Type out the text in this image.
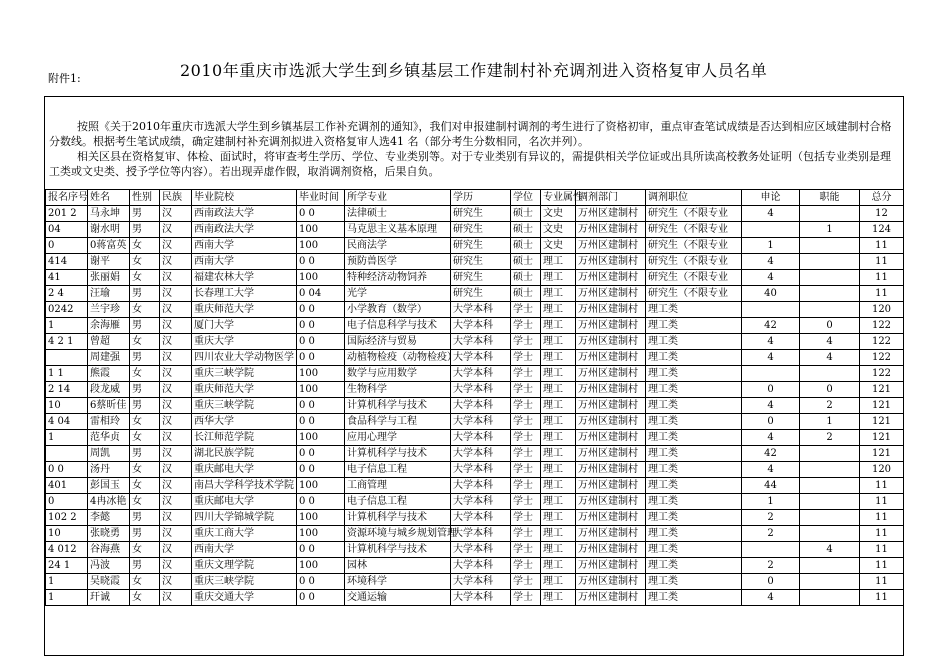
附件1:	2010年重庆市选派大学生到乡镇基层工作建制村补充调剂进入资格复审人员名单

按照《关于2010年重庆市选派大学生到乡镇基层工作补充调剂的通知》，我们对申报建制村调剂的考生进行了资格初审，重点审查笔试成绩是否达到相应区域建制村合格分数线。根据考生笔试成绩，确定建制村补充调剂拟进入资格复审人选41 名（部分考生分数相同，名次并列）。

相关区县在资格复审、体检、面试时，将审查考生学历、学位、专业类别等。对于专业类别有异议的，需提供相关学位证或出具所读高校教务处证明（包括专业类别是理工类或文史类、授予学位等内容）。若出现弄虚作假，取消调剂资格，后果自负。

报名序号	姓名	性别	民族	毕业院校	毕业时间	所学专业	学历	学位	专业属性	调剂部门	调剂职位	申论	职能	总分
201 2	马永坤	男	汉	西南政法大学	0 0	法律硕士	研究生	硕士	文史	万州区建制村	研究生（不限专业	4		12
04	谢水明	男	汉	西南政法大学	100	马克思主义基本原理	研究生	硕士	文史	万州区建制村	研究生（不限专业		1	124
0	0蒋富英	女	汉	西南大学	100	民商法学	研究生	硕士	文史	万州区建制村	研究生（不限专业	1		11
414	谢平	女	汉	西南大学	0 0	预防兽医学	研究生	硕士	理工	万州区建制村	研究生（不限专业	4		11
41	张丽娟	女	汉	福建农林大学	100	特种经济动物饲养	研究生	硕士	理工	万州区建制村	研究生（不限专业	4		11
2 4	汪瑜	男	汉	长春理工大学	0 04	光学	研究生	硕士	理工	万州区建制村	研究生（不限专业	40		11
0242	兰宇珍	女	汉	重庆师范大学	0 0	小学教育（数学）	大学本科	学士	理工	万州区建制村	理工类			120
1	余海雁	男	汉	厦门大学	0 0	电子信息科学与技术	大学本科	学士	理工	万州区建制村	理工类	42	0	122
4 2 1	曾超	女	汉	重庆大学	0 0	国际经济与贸易	大学本科	学士	理工	万州区建制村	理工类	4	4	122
	周建强	男	汉	四川农业大学动物医学	0 0	动植物检疫（动物检疫）	大学本科	学士	理工	万州区建制村	理工类	4	4	122
1 1	熊霞	女	汉	重庆三峡学院	100	数学与应用数学	大学本科	学士	理工	万州区建制村	理工类			122
2 14	段龙威	男	汉	重庆师范大学	100	生物科学	大学本科	学士	理工	万州区建制村	理工类	0	0	121
10	6蔡昕佳	男	汉	重庆三峡学院	0 0	计算机科学与技术	大学本科	学士	理工	万州区建制村	理工类	4	2	121
4 04	雷相玲	女	汉	西华大学	0 0	食品科学与工程	大学本科	学士	理工	万州区建制村	理工类	0	1	121
1	范华贞	女	汉	长江师范学院	100	应用心理学	大学本科	学士	理工	万州区建制村	理工类	4	2	121
	周凯	男	汉	湖北民族学院	0 0	计算机科学与技术	大学本科	学士	理工	万州区建制村	理工类	42		121
0 0	汤丹	女	汉	重庆邮电大学	0 0	电子信息工程	大学本科	学士	理工	万州区建制村	理工类	4		120
401	彭国玉	女	汉	南昌大学科学技术学院	100	工商管理	大学本科	学士	理工	万州区建制村	理工类	44		11
0	4冉冰艳	女	汉	重庆邮电大学	0 0	电子信息工程	大学本科	学士	理工	万州区建制村	理工类	1		11
102 2	李懿	男	汉	四川大学锦城学院	100	计算机科学与技术	大学本科	学士	理工	万州区建制村	理工类	2		11
10	张晓勇	男	汉	重庆工商大学	100	资源环境与城乡规划管理	大学本科	学士	理工	万州区建制村	理工类	2		11
4 012	谷海燕	女	汉	西南大学	0 0	计算机科学与技术	大学本科	学士	理工	万州区建制村	理工类		4	11
24 1	冯波	男	汉	重庆文理学院	100	园林	大学本科	学士	理工	万州区建制村	理工类	2		11
1	吴晓霞	女	汉	重庆三峡学院	0 0	环境科学	大学本科	学士	理工	万州区建制村	理工类	0		11
1	玕诚	女	汉	重庆交通大学	0 0	交通运输	大学本科	学士	理工	万州区建制村	理工类	4		11
